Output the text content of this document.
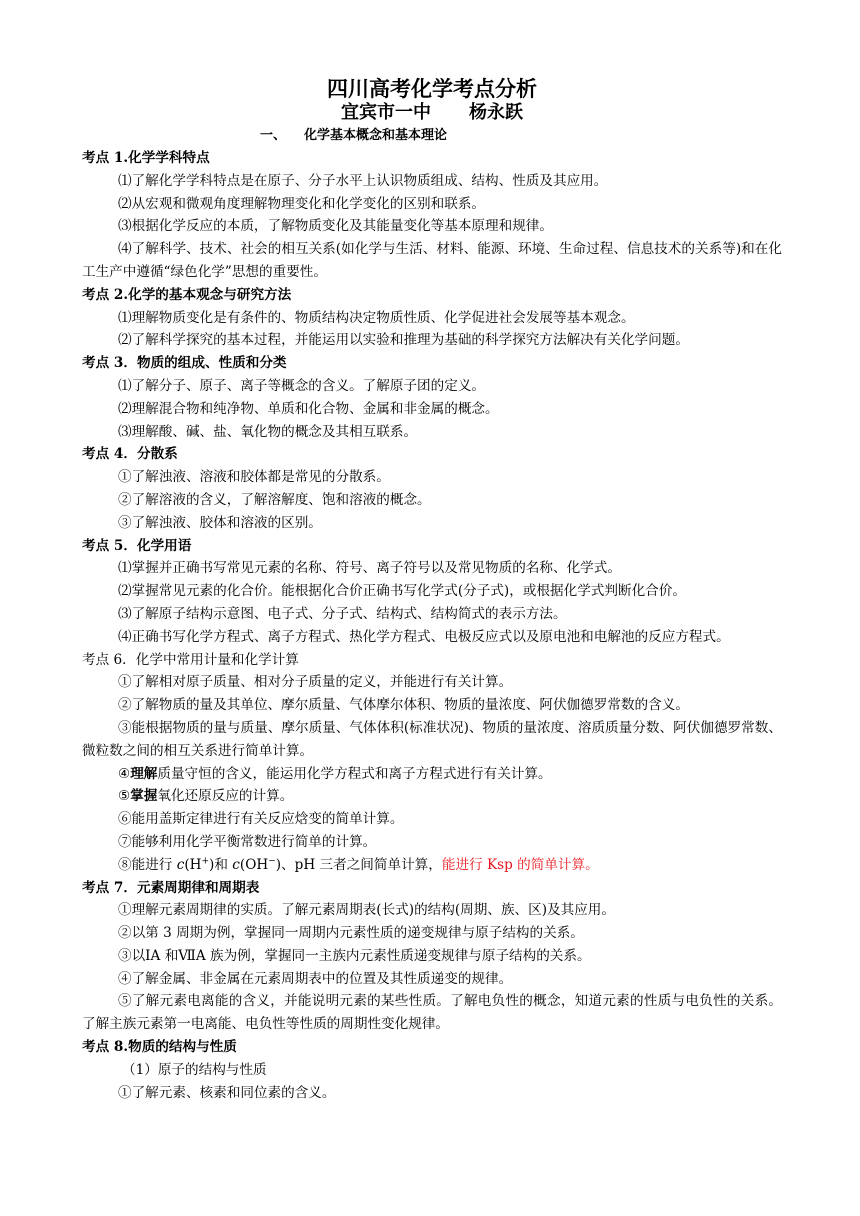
四川高考化学考点分析

宜宾市一中 杨永跃

一、 化学基本概念和基本理论

考点 1.化学学科特点

⑴了解化学学科特点是在原子、分子水平上认识物质组成、结构、性质及其应用。

⑵从宏观和微观角度理解物理变化和化学变化的区别和联系。

⑶根据化学反应的本质，了解物质变化及其能量变化等基本原理和规律。

⑷了解科学、技术、社会的相互关系(如化学与生活、材料、能源、环境、生命过程、信息技术的关系等)和在化工生产中遵循“绿色化学”思想的重要性。

考点 2.化学的基本观念与研究方法

⑴理解物质变化是有条件的、物质结构决定物质性质、化学促进社会发展等基本观念。

⑵了解科学探究的基本过程，并能运用以实验和推理为基础的科学探究方法解决有关化学问题。

考点 3．物质的组成、性质和分类

⑴了解分子、原子、离子等概念的含义。了解原子团的定义。

⑵理解混合物和纯净物、单质和化合物、金属和非金属的概念。

⑶理解酸、碱、盐、氧化物的概念及其相互联系。

考点 4．分散系

①了解浊液、溶液和胶体都是常见的分散系。

②了解溶液的含义，了解溶解度、饱和溶液的概念。

③了解浊液、胶体和溶液的区别。

考点 5．化学用语

⑴掌握并正确书写常见元素的名称、符号、离子符号以及常见物质的名称、化学式。

⑵掌握常见元素的化合价。能根据化合价正确书写化学式(分子式)，或根据化学式判断化合价。

⑶了解原子结构示意图、电子式、分子式、结构式、结构简式的表示方法。

⑷正确书写化学方程式、离子方程式、热化学方程式、电极反应式以及原电池和电解池的反应方程式。

考点 6．化学中常用计量和化学计算

①了解相对原子质量、相对分子质量的定义，并能进行有关计算。

②了解物质的量及其单位、摩尔质量、气体摩尔体积、物质的量浓度、阿伏伽德罗常数的含义。

③能根据物质的量与质量、摩尔质量、气体体积(标准状况)、物质的量浓度、溶质质量分数、阿伏伽德罗常数、微粒数之间的相互关系进行简单计算。

④理解质量守恒的含义，能运用化学方程式和离子方程式进行有关计算。

⑤掌握氧化还原反应的计算。

⑥能用盖斯定律进行有关反应焓变的简单计算。

⑦能够利用化学平衡常数进行简单的计算。

⑧能进行 c(H+)和 c(OH−)、pH 三者之间简单计算，能进行 Ksp 的简单计算。

考点 7．元素周期律和周期表

①理解元素周期律的实质。了解元素周期表(长式)的结构(周期、族、区)及其应用。

②以第 3 周期为例，掌握同一周期内元素性质的递变规律与原子结构的关系。

③以ⅠA 和ⅦA 族为例，掌握同一主族内元素性质递变规律与原子结构的关系。

④了解金属、非金属在元素周期表中的位置及其性质递变的规律。

⑤了解元素电离能的含义，并能说明元素的某些性质。了解电负性的概念，知道元素的性质与电负性的关系。了解主族元素第一电离能、电负性等性质的周期性变化规律。

考点 8.物质的结构与性质

（1）原子的结构与性质

①了解元素、核素和同位素的含义。
